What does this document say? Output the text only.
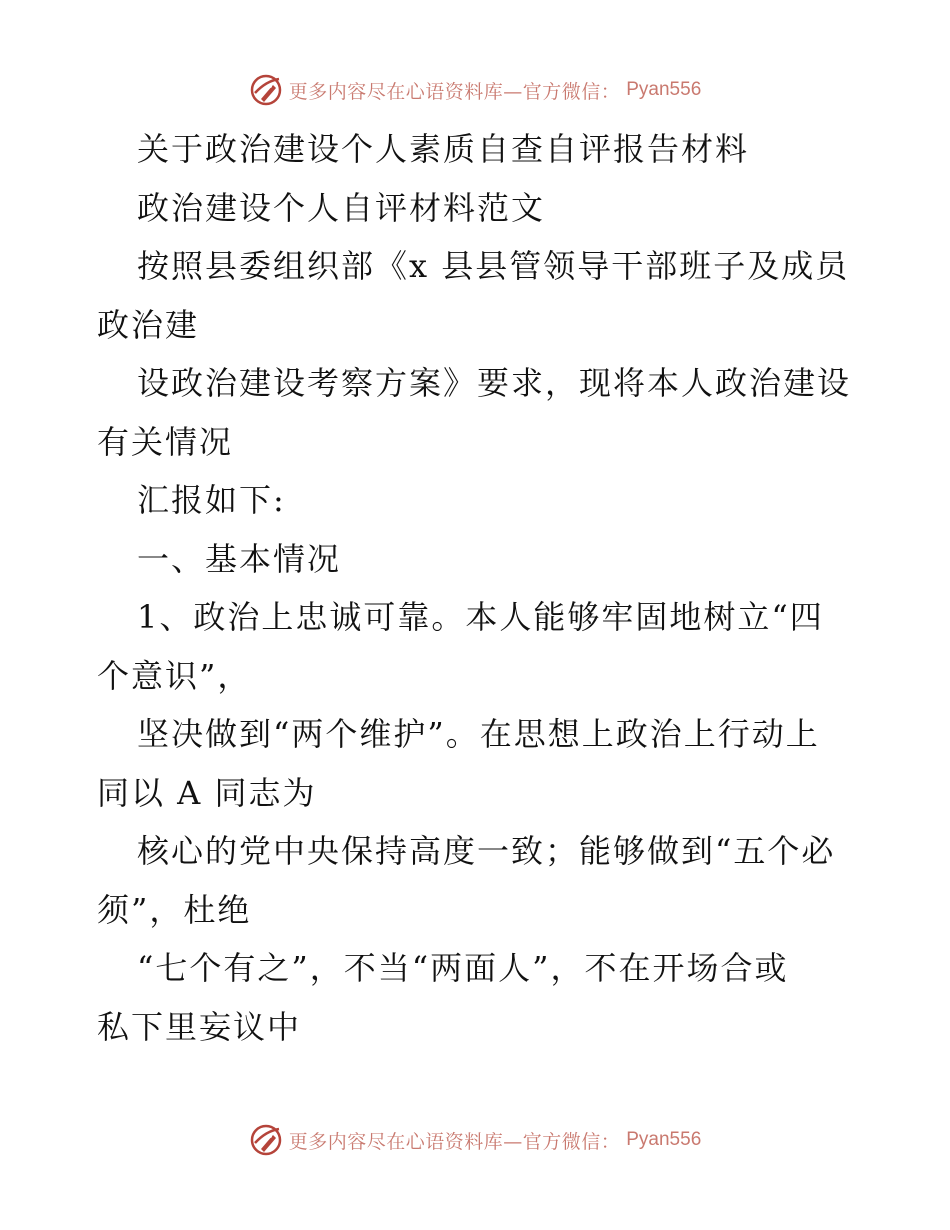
更多内容尽在心语资料库—官方微信： Pyan556
关于政治建设个人素质自查自评报告材料
政治建设个人自评材料范文
按照县委组织部《x 县县管领导干部班子及成员
政治建
设政治建设考察方案》要求，现将本人政治建设
有关情况
汇报如下:
一、基本情况
1、政治上忠诚可靠。本人能够牢固地树立“四
个意识”，
坚决做到“两个维护”。在思想上政治上行动上
同以 A 同志为
核心的党中央保持高度一致；能够做到“五个必
须”，杜绝
“七个有之”，不当“两面人”，不在开场合或
私下里妄议中
更多内容尽在心语资料库—官方微信： Pyan556
